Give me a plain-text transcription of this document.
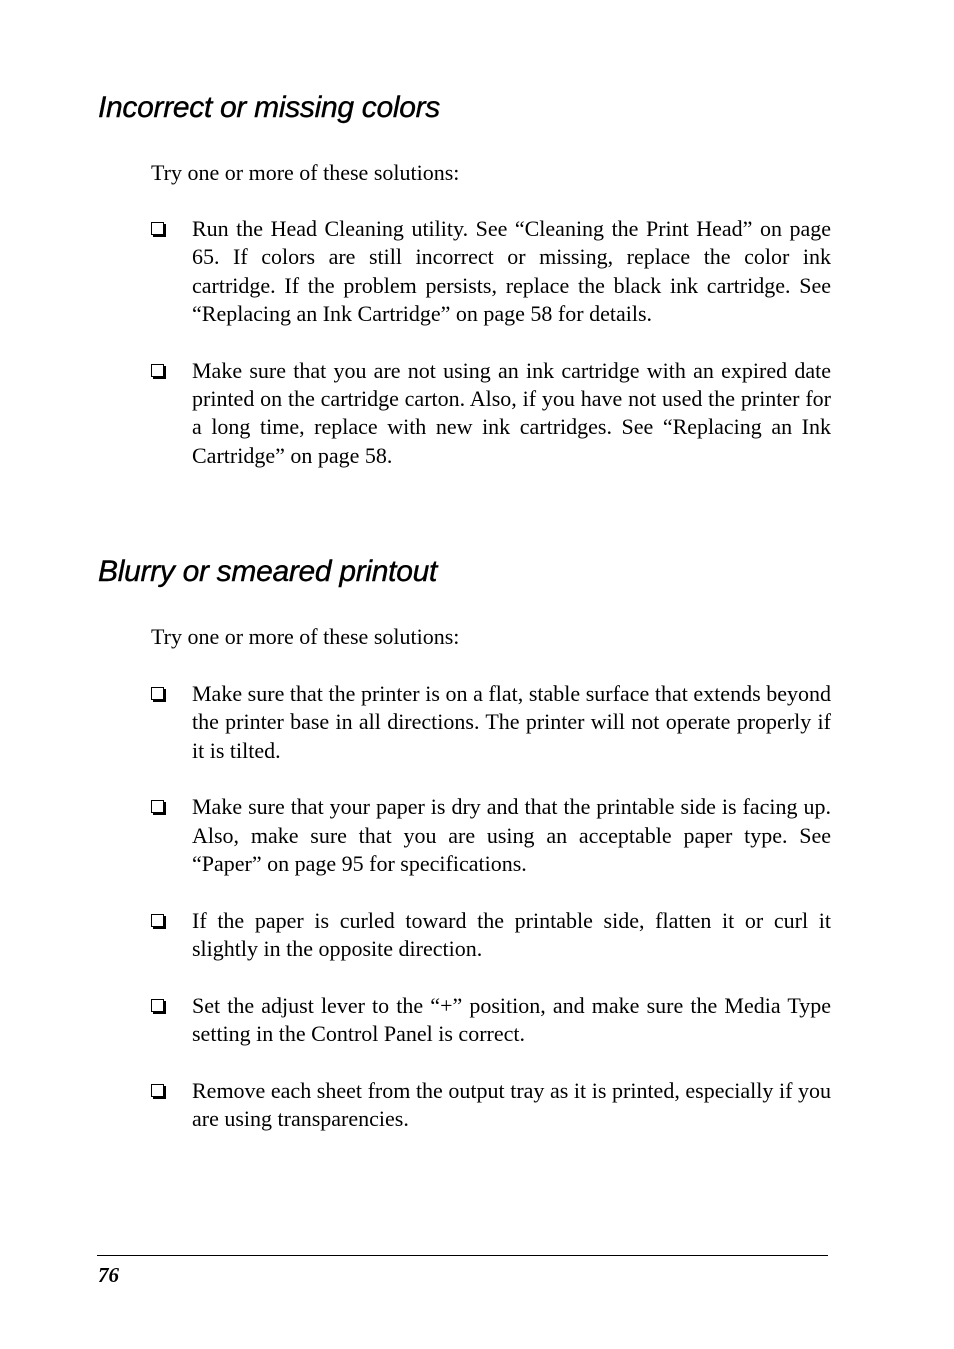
Incorrect or missing colors

Try one or more of these solutions:

Run the Head Cleaning utility. See “Cleaning the Print Head” on page 65. If colors are still incorrect or missing, replace the color ink cartridge. If the problem persists, replace the black ink cartridge. See “Replacing an Ink Cartridge” on page 58 for details.
Make sure that you are not using an ink cartridge with an expired date printed on the cartridge carton. Also, if you have not used the printer for a long time, replace with new ink cartridges. See “Replacing an Ink Cartridge” on page 58.
Blurry or smeared printout

Try one or more of these solutions:

Make sure that the printer is on a flat, stable surface that extends beyond the printer base in all directions. The printer will not operate properly if it is tilted.
Make sure that your paper is dry and that the printable side is facing up. Also, make sure that you are using an acceptable paper type. See “Paper” on page 95 for specifications.
If the paper is curled toward the printable side, flatten it or curl it slightly in the opposite direction.
Set the adjust lever to the “+” position, and make sure the Media Type setting in the Control Panel is correct.
Remove each sheet from the output tray as it is printed, especially if you are using transparencies.

76
